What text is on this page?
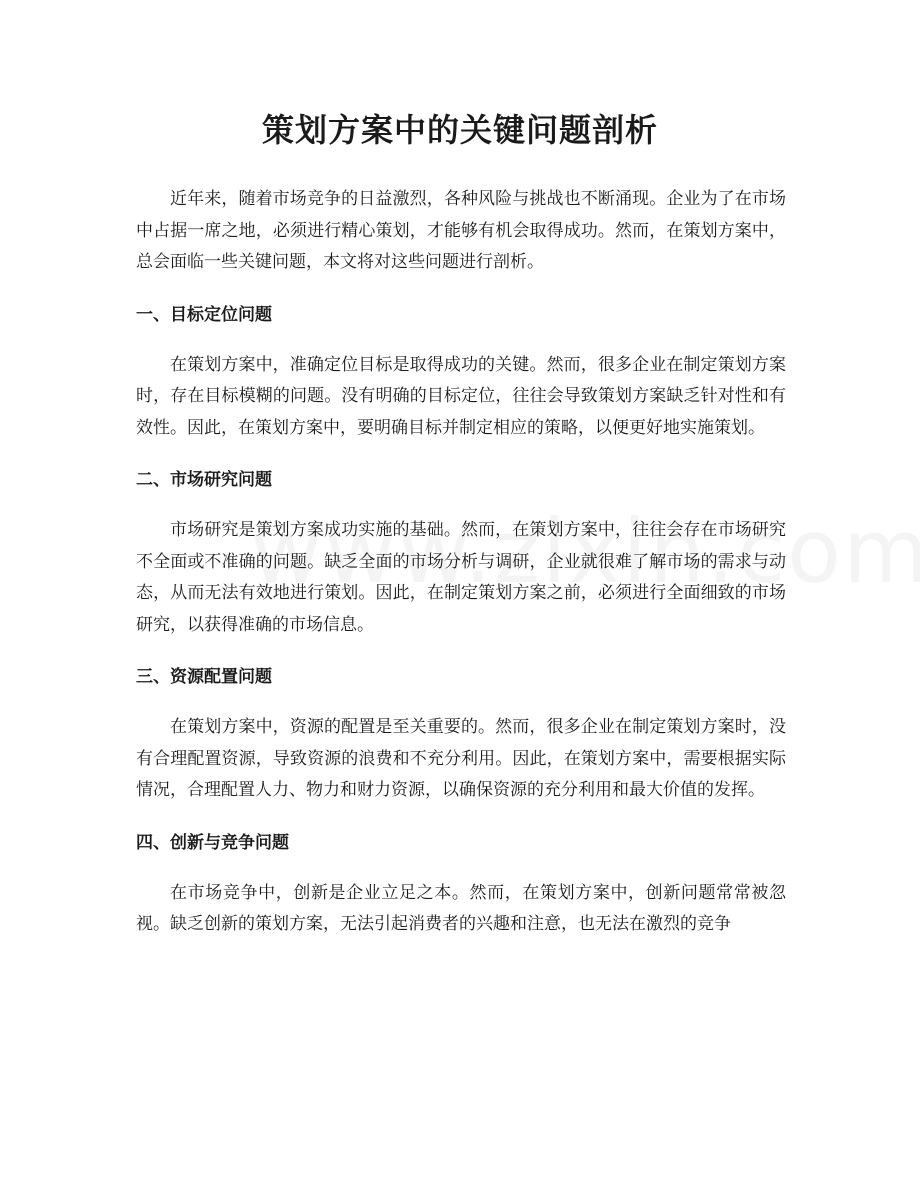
策划方案中的关键问题剖析

近年来，随着市场竞争的日益激烈，各种风险与挑战也不断涌现。企业为了在市场中占据一席之地，必须进行精心策划，才能够有机会取得成功。然而，在策划方案中，总会面临一些关键问题，本文将对这些问题进行剖析。

一、目标定位问题

在策划方案中，准确定位目标是取得成功的关键。然而，很多企业在制定策划方案时，存在目标模糊的问题。没有明确的目标定位，往往会导致策划方案缺乏针对性和有效性。因此，在策划方案中，要明确目标并制定相应的策略，以便更好地实施策划。

二、市场研究问题

市场研究是策划方案成功实施的基础。然而，在策划方案中，往往会存在市场研究不全面或不准确的问题。缺乏全面的市场分析与调研，企业就很难了解市场的需求与动态，从而无法有效地进行策划。因此，在制定策划方案之前，必须进行全面细致的市场研究，以获得准确的市场信息。

三、资源配置问题

在策划方案中，资源的配置是至关重要的。然而，很多企业在制定策划方案时，没有合理配置资源，导致资源的浪费和不充分利用。因此，在策划方案中，需要根据实际情况，合理配置人力、物力和财力资源，以确保资源的充分利用和最大价值的发挥。

四、创新与竞争问题

在市场竞争中，创新是企业立足之本。然而，在策划方案中，创新问题常常被忽视。缺乏创新的策划方案，无法引起消费者的兴趣和注意，也无法在激烈的竞争
